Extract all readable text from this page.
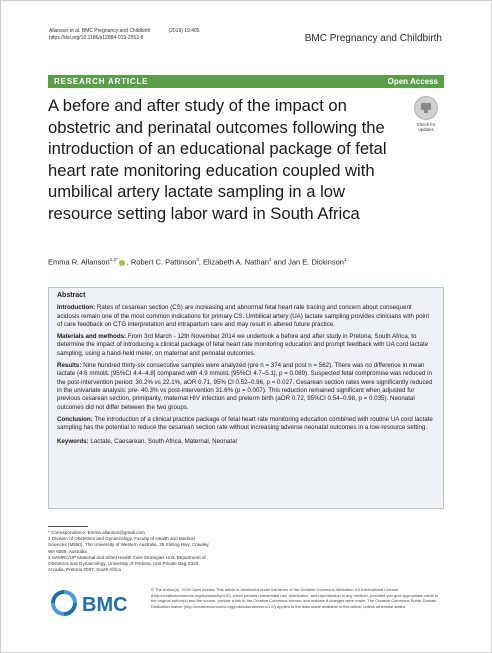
Allanson et al. BMC Pregnancy and Childbirth	(2019) 19:405
https://doi.org/10.1186/s12884-019-2552-8	BMC Pregnancy and Childbirth
RESEARCH ARTICLE	Open Access
A before and after study of the impact on obstetric and perinatal outcomes following the introduction of an educational package of fetal heart rate monitoring education coupled with umbilical artery lactate sampling in a low resource setting labor ward in South Africa
Check for
updates
Emma R. Allanson$^{1,2*}$ , Robert C. Pattinson$^2$, Elizabeth A. Nathan$^1$ and Jan E. Dickinson$^1$
Abstract

Introduction: Rates of cesarean section (CS) are increasing and abnormal fetal heart rate tracing and concern about consequent acidosis remain one of the most common indications for primary CS. Umbilical artery (UA) lactate sampling provides clinicians with point of care feedback on CTG interpretation and intrapartum care and may result in altered future practice.

Materials and methods: From 3rd March - 12th November 2014 we undertook a before and after study in Pretoria, South Africa, to determine the impact of introducing a clinical package of fetal heart rate monitoring education and prompt feedback with UA cord lactate sampling, using a hand-held meter, on maternal and perinatal outcomes.

Results: Nine hundred thirty-six consecutive samples were analyzed (pre n = 374 and post n = 562). There was no difference in mean lactate (4.6 mmol/L [95%CI 4.4–4.8] compared with 4.9 mmol/L [95%CI 4.7–5.1], p = 0.089). Suspected fetal compromise was reduced in the post-intervention period: 30.2% vs 22.1%, aOR 0.71, 95% CI 0.52–0.96, p = 0.027. Cesarean section rates were significantly reduced in the univariate analysis: pre- 40.3% vs post-intervention 31.6% (p = 0.007). This reduction remained significant when adjusted for previous cesarean section, primiparity, maternal HIV infection and preterm birth (aOR 0.72, 95%CI 0.54–0.98, p = 0.035). Neonatal outcomes did not differ between the two groups.

Conclusion: The introduction of a clinical practice package of fetal heart rate monitoring education combined with routine UA cord lactate sampling has the potential to reduce the cesarean section rate without increasing adverse neonatal outcomes in a low-resource setting.

Keywords: Lactate, Caesarean, South Africa, Maternal, Neonatal

* Correspondence: Emma.allanson@gmail.com
1 Division of Obstetrics and Gynaecology, Faculty of Health and Medical Sciences (M550), The University of Western Australia, 35 Stirling Hwy, Crawley, WA 6009, Australia
2 SAMRC/UP Maternal and Infant Health Care Strategies Unit, Department of Obstetrics and Gynaecology, University of Pretoria, Unit Private Bag X323 Arcadia, Pretoria 0007, South Africa
BMC
© The Author(s). 2019 Open Access This article is distributed under the terms of the Creative Commons Attribution 4.0 International License (http://creativecommons.org/licenses/by/4.0/), which permits unrestricted use, distribution, and reproduction in any medium, provided you give appropriate credit to the original author(s) and the source, provide a link to the Creative Commons license, and indicate if changes were made. The Creative Commons Public Domain Dedication waiver (http://creativecommons.org/publicdomain/zero/1.0/) applies to the data made available in this article, unless otherwise stated.
